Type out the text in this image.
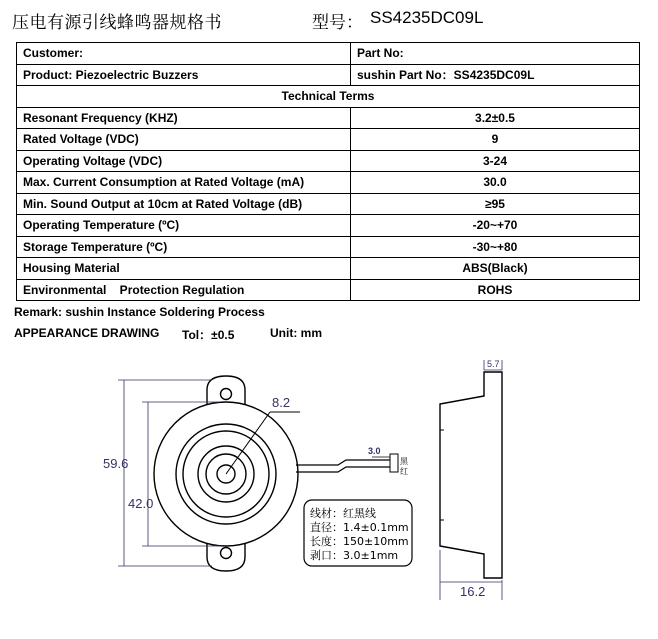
压电有源引线蜂鸣器规格书	型号： SS4235DC09L
Customer:	Part No:
Product: Piezoelectric Buzzers	sushin Part No：SS4235DC09L
Technical Terms	
Resonant Frequency (KHZ)	3.2±0.5
Rated Voltage (VDC)	9
Operating Voltage (VDC)	3-24
Max. Current Consumption at Rated Voltage (mA)	30.0
Min. Sound Output at 10cm at Rated Voltage (dB)	≥95
Operating Temperature (ºC)	-20~+70
Storage Temperature (ºC)	-30~+80
Housing Material	ABS(Black)
Environmental    Protection Regulation	ROHS
Remark: sushin Instance Soldering Process
APPEARANCE DRAWING Tol：±0.5	Unit: mm
59.6
42.0
8.2
3.0
黑
红
线材：红黑线
直径：1.4±0.1mm
长度：150±10mm
剥口：3.0±1mm
5.7
16.2
